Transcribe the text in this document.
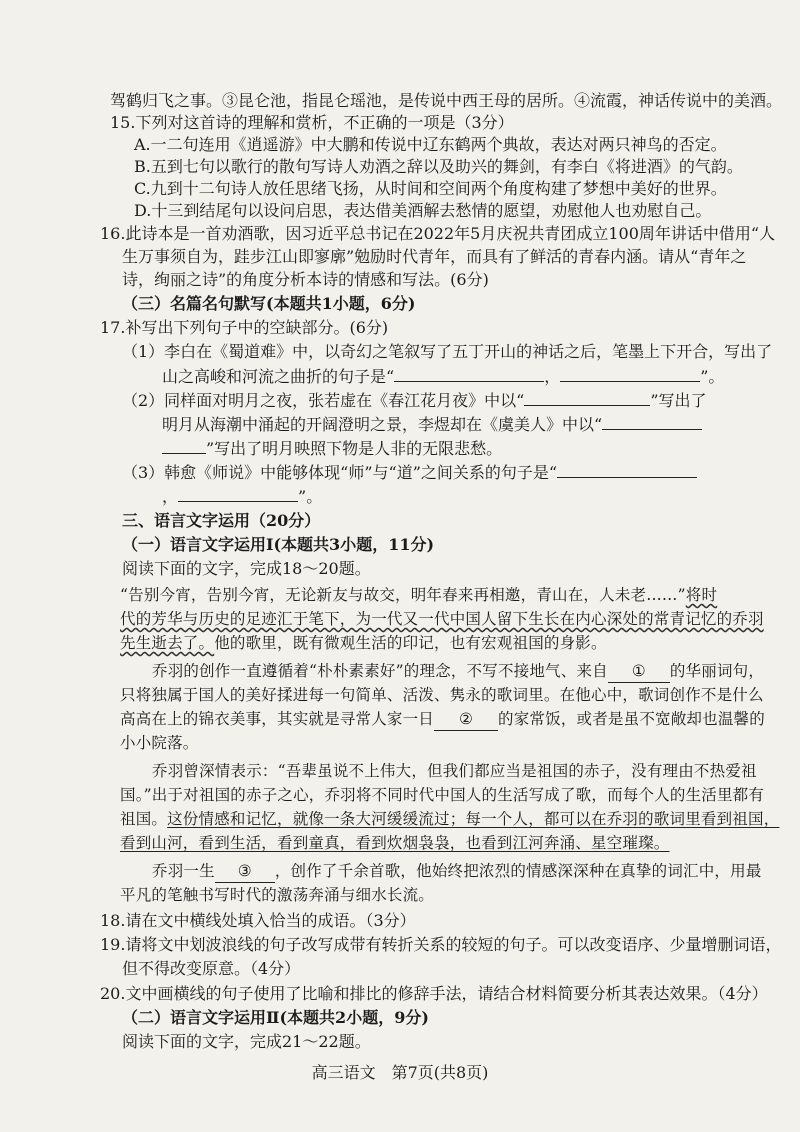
驾鹤归飞之事。③昆仑池，指昆仑瑶池，是传说中西王母的居所。④流霞，神话传说中的美酒。
15.下列对这首诗的理解和赏析，不正确的一项是（3分）
A.一二句连用《逍遥游》中大鹏和传说中辽东鹤两个典故，表达对两只神鸟的否定。
B.五到七句以歌行的散句写诗人劝酒之辞以及助兴的舞剑，有李白《将进酒》的气韵。
C.九到十二句诗人放任思绪飞扬，从时间和空间两个角度构建了梦想中美好的世界。
D.十三到结尾句以设问启思，表达借美酒解去愁情的愿望，劝慰他人也劝慰自己。
16.此诗本是一首劝酒歌，因习近平总书记在2022年5月庆祝共青团成立100周年讲话中借用“人
生万事须自为，跬步江山即寥廓”勉励时代青年，而具有了鲜活的青春内涵。请从“青年之
诗，绚丽之诗”的角度分析本诗的情感和写法。(6分)
（三）名篇名句默写(本题共1小题，6分)
17.补写出下列句子中的空缺部分。(6分)
（1）李白在《蜀道难》中，以奇幻之笔叙写了五丁开山的神话之后，笔墨上下开合，写出了
山之高峻和河流之曲折的句子是“	，	”。
（2）同样面对明月之夜，张若虚在《春江花月夜》中以“	”写出了
明月从海潮中涌起的开阔澄明之景，李煜却在《虞美人》中以“
”写出了明月映照下物是人非的无限悲愁。
（3）韩愈《师说》中能够体现“师”与“道”之间关系的句子是“
，	”。
三、语言文字运用（20分）
（一）语言文字运用Ⅰ(本题共3小题，11分)
阅读下面的文字，完成18～20题。
“告别今宵，告别今宵，无论新友与故交，明年春来再相邀，青山在，人未老……”将时
代的芳华与历史的足迹汇于笔下，为一代又一代中国人留下生长在内心深处的常青记忆的乔羽
先生逝去了。他的歌里，既有微观生活的印记，也有宏观祖国的身影。
乔羽的创作一直遵循着“朴朴素素好”的理念，不写不接地气、来自 ① 的华丽词句，
只将独属于国人的美好揉进每一句简单、活泼、隽永的歌词里。在他心中，歌词创作不是什么
高高在上的锦衣美事，其实就是寻常人家一日 ② 的家常饭，或者是虽不宽敞却也温馨的
小小院落。
乔羽曾深情表示：“吾辈虽说不上伟大，但我们都应当是祖国的赤子，没有理由不热爱祖
国。”出于对祖国的赤子之心，乔羽将不同时代中国人的生活写成了歌，而每个人的生活里都有
祖国。这份情感和记忆，就像一条大河缓缓流过；每一个人，都可以在乔羽的歌词里看到祖国，
看到山河，看到生活，看到童真，看到炊烟袅袅，也看到江河奔涌、星空璀璨。
乔羽一生 ③ ，创作了千余首歌，他始终把浓烈的情感深深种在真挚的词汇中，用最
平凡的笔触书写时代的激荡奔涌与细水长流。
18.请在文中横线处填入恰当的成语。（3分）
19.请将文中划波浪线的句子改写成带有转折关系的较短的句子。可以改变语序、少量增删词语，
但不得改变原意。（4分）
20.文中画横线的句子使用了比喻和排比的修辞手法，请结合材料简要分析其表达效果。（4分）
（二）语言文字运用Ⅱ(本题共2小题，9分)
阅读下面的文字，完成21～22题。
高三语文　第7页(共8页)
